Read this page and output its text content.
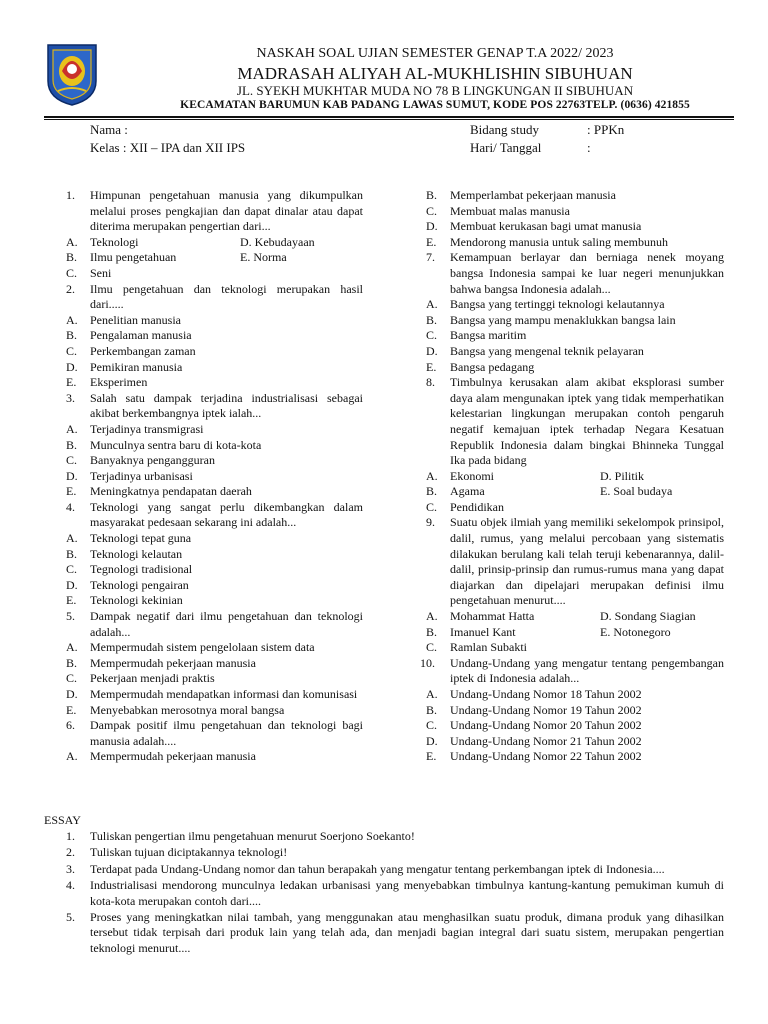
NASKAH SOAL UJIAN SEMESTER GENAP T.A 2022/ 2023
MADRASAH ALIYAH AL-MUKHLISHIN SIBUHUAN
JL. SYEKH MUKHTAR MUDA NO 78 B LINGKUNGAN II SIBUHUAN
KECAMATAN BARUMUN KAB PADANG LAWAS SUMUT, KODE POS 22763TELP. (0636) 421855
Nama :
Kelas : XII – IPA dan XII IPS
Bidang study	: PPKn
Hari/ Tanggal	:
1. Himpunan pengetahuan manusia yang dikumpulkan melalui proses pengkajian dan dapat dinalar atau dapat diterima merupakan pengertian dari...
A. Teknologi	D. Kebudayaan
B. Ilmu pengetahuan	E. Norma
C. Seni
2. Ilmu pengetahuan dan teknologi merupakan hasil dari.....
A. Penelitian manusia
B. Pengalaman manusia
C. Perkembangan zaman
D. Pemikiran manusia
E. Eksperimen
3. Salah satu dampak terjadina industrialisasi sebagai akibat berkembangnya iptek ialah...
A. Terjadinya transmigrasi
B. Munculnya sentra baru di kota-kota
C. Banyaknya pengangguran
D. Terjadinya urbanisasi
E. Meningkatnya pendapatan daerah
4. Teknologi yang sangat perlu dikembangkan dalam masyarakat pedesaan sekarang ini adalah...
A. Teknologi tepat guna
B. Teknologi kelautan
C. Tegnologi tradisional
D. Teknologi pengairan
E. Teknologi kekinian
5. Dampak negatif dari ilmu pengetahuan dan teknologi adalah...
A. Mempermudah sistem pengelolaan sistem data
B. Mempermudah pekerjaan manusia
C. Pekerjaan menjadi praktis
D. Mempermudah mendapatkan informasi dan komunisasi
E. Menyebabkan merosotnya moral bangsa
6. Dampak positif ilmu pengetahuan dan teknologi bagi manusia adalah....
A. Mempermudah pekerjaan manusia
B. Memperlambat pekerjaan manusia
C. Membuat malas manusia
D. Membuat kerukasan bagi umat manusia
E. Mendorong manusia untuk saling membunuh
7. Kemampuan berlayar dan berniaga nenek moyang bangsa Indonesia sampai ke luar negeri menunjukkan bahwa bangsa Indonesia adalah...
A. Bangsa yang tertinggi teknologi kelautannya
B. Bangsa yang mampu menaklukkan bangsa lain
C. Bangsa maritim
D. Bangsa yang mengenal teknik pelayaran
E. Bangsa pedagang
8. Timbulnya kerusakan alam akibat eksplorasi sumber daya alam mengunakan iptek yang tidak memperhatikan kelestarian lingkungan merupakan contoh pengaruh negatif kemajuan iptek terhadap Negara Kesatuan Republik Indonesia dalam bingkai Bhinneka Tunggal Ika pada bidang
A. Ekonomi	D. Pilitik
B. Agama	E. Soal budaya
C. Pendidikan
9. Suatu objek ilmiah yang memiliki sekelompok prinsipol, dalil, rumus, yang melalui percobaan yang sistematis dilakukan berulang kali telah teruji kebenarannya, dalil-dalil, prinsip-prinsip dan rumus-rumus mana yang dapat diajarkan dan dipelajari merupakan definisi ilmu pengetahuan menurut....
A. Mohammat Hatta	D. Sondang Siagian
B. Imanuel Kant	E. Notonegoro
C. Ramlan Subakti
10. Undang-Undang yang mengatur tentang pengembangan iptek di Indonesia adalah...
A. Undang-Undang Nomor 18 Tahun 2002
B. Undang-Undang Nomor 19 Tahun 2002
C. Undang-Undang Nomor 20 Tahun 2002
D. Undang-Undang Nomor 21 Tahun 2002
E. Undang-Undang Nomor 22 Tahun 2002
ESSAY
1. Tuliskan pengertian ilmu pengetahuan menurut Soerjono Soekanto!
2. Tuliskan tujuan diciptakannya teknologi!
3. Terdapat pada Undang-Undang nomor dan tahun berapakah yang mengatur tentang perkembangan iptek di Indonesia....
4. Industrialisasi mendorong munculnya ledakan urbanisasi yang menyebabkan timbulnya kantung-kantung pemukiman kumuh di kota-kota merupakan contoh dari....
5. Proses yang meningkatkan nilai tambah, yang menggunakan atau menghasilkan suatu produk, dimana produk yang dihasilkan tersebut tidak terpisah dari produk lain yang telah ada, dan menjadi bagian integral dari suatu sistem, merupakan pengertian teknologi menurut....
